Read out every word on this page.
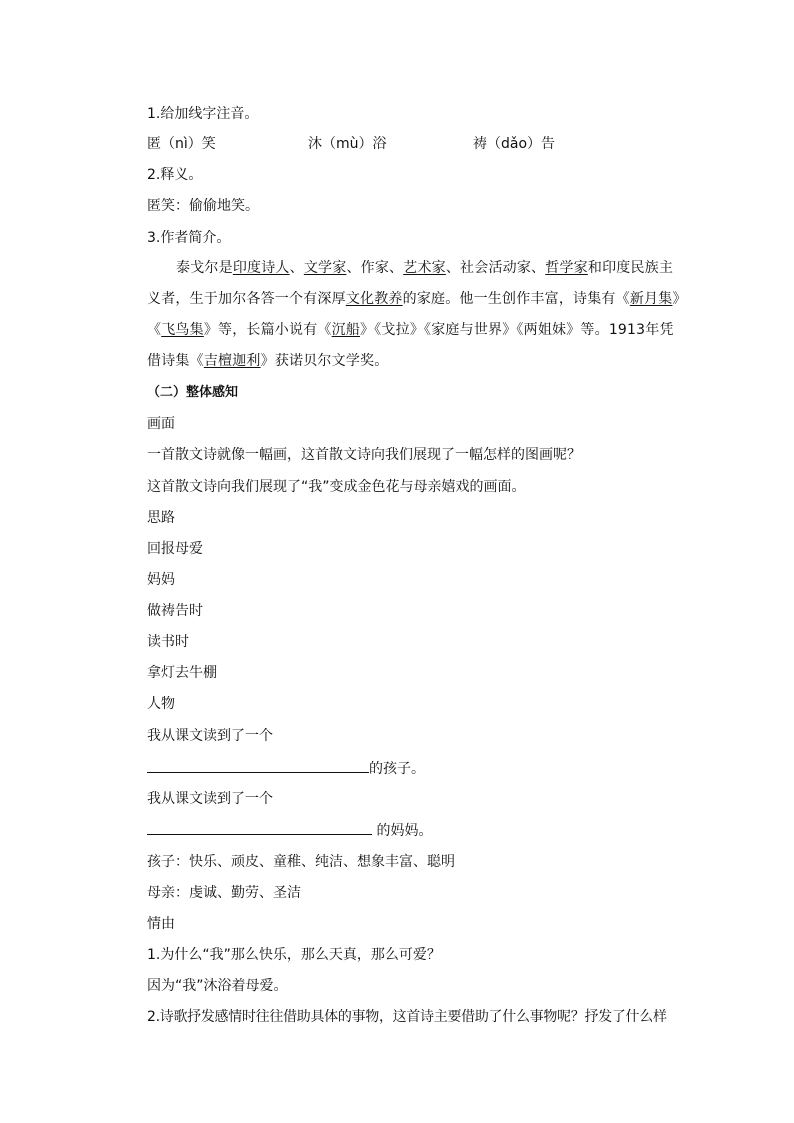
1.给加线字注音。
匿（nì）笑	沐（mù）浴	祷（dǎo）告
2.释义。
匿笑：偷偷地笑。
3.作者简介。
泰戈尔是印度诗人、文学家、作家、艺术家、社会活动家、哲学家和印度民族主义者，生于加尔各答一个有深厚文化教养的家庭。他一生创作丰富，诗集有《新月集》《飞鸟集》等，长篇小说有《沉船》《戈拉》《家庭与世界》《两姐妹》等。1913年凭借诗集《吉檀迦利》获诺贝尔文学奖。
（二）整体感知
画面
一首散文诗就像一幅画，这首散文诗向我们展现了一幅怎样的图画呢？
这首散文诗向我们展现了“我”变成金色花与母亲嬉戏的画面。
思路
回报母爱
妈妈
做祷告时
读书时
拿灯去牛棚
人物
我从课文读到了一个
的孩子。
我从课文读到了一个
的妈妈。
孩子：快乐、顽皮、童稚、纯洁、想象丰富、聪明
母亲：虔诚、勤劳、圣洁
情由
1.为什么“我”那么快乐，那么天真，那么可爱？
因为“我”沐浴着母爱。
2.诗歌抒发感情时往往借助具体的事物，这首诗主要借助了什么事物呢？抒发了什么样
